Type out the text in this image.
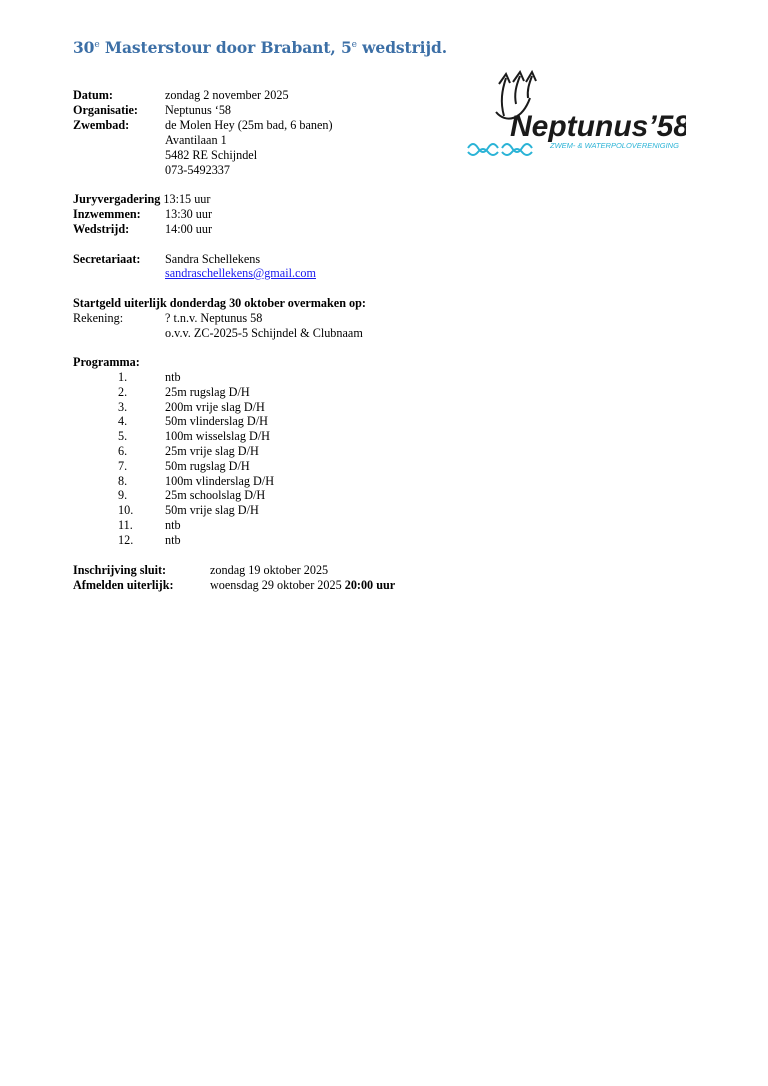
30e Masterstour door Brabant, 5e wedstrijd.
Neptunus’58
ZWEM- & WATERPOLOVERENIGING
Datum:	zondag 2 november 2025
Organisatie: Neptunus ‘58
Zwembad:	de Molen Hey (25m bad, 6 banen)
Avantilaan 1
5482 RE Schijndel
073-5492337
Juryvergadering 13:15 uur
Inzwemmen: 13:30 uur
Wedstrijd:	14:00 uur
Secretariaat: Sandra Schellekens
sandraschellekens@gmail.com
Startgeld uiterlijk donderdag 30 oktober overmaken op:
Rekening:	? t.n.v. Neptunus 58
o.v.v. ZC-2025-5 Schijndel & Clubnaam
Programma:
1.	ntb
2.	25m rugslag D/H
3.	200m vrije slag D/H
4.	50m vlinderslag D/H
5.	100m wisselslag D/H
6.	25m vrije slag D/H
7.	50m rugslag D/H
8.	100m vlinderslag D/H
9.	25m schoolslag D/H
10.	50m vrije slag D/H
11.	ntb
12.	ntb
Inschrijving sluit:	zondag 19 oktober 2025
Afmelden uiterlijk:	woensdag 29 oktober 2025 20:00 uur
